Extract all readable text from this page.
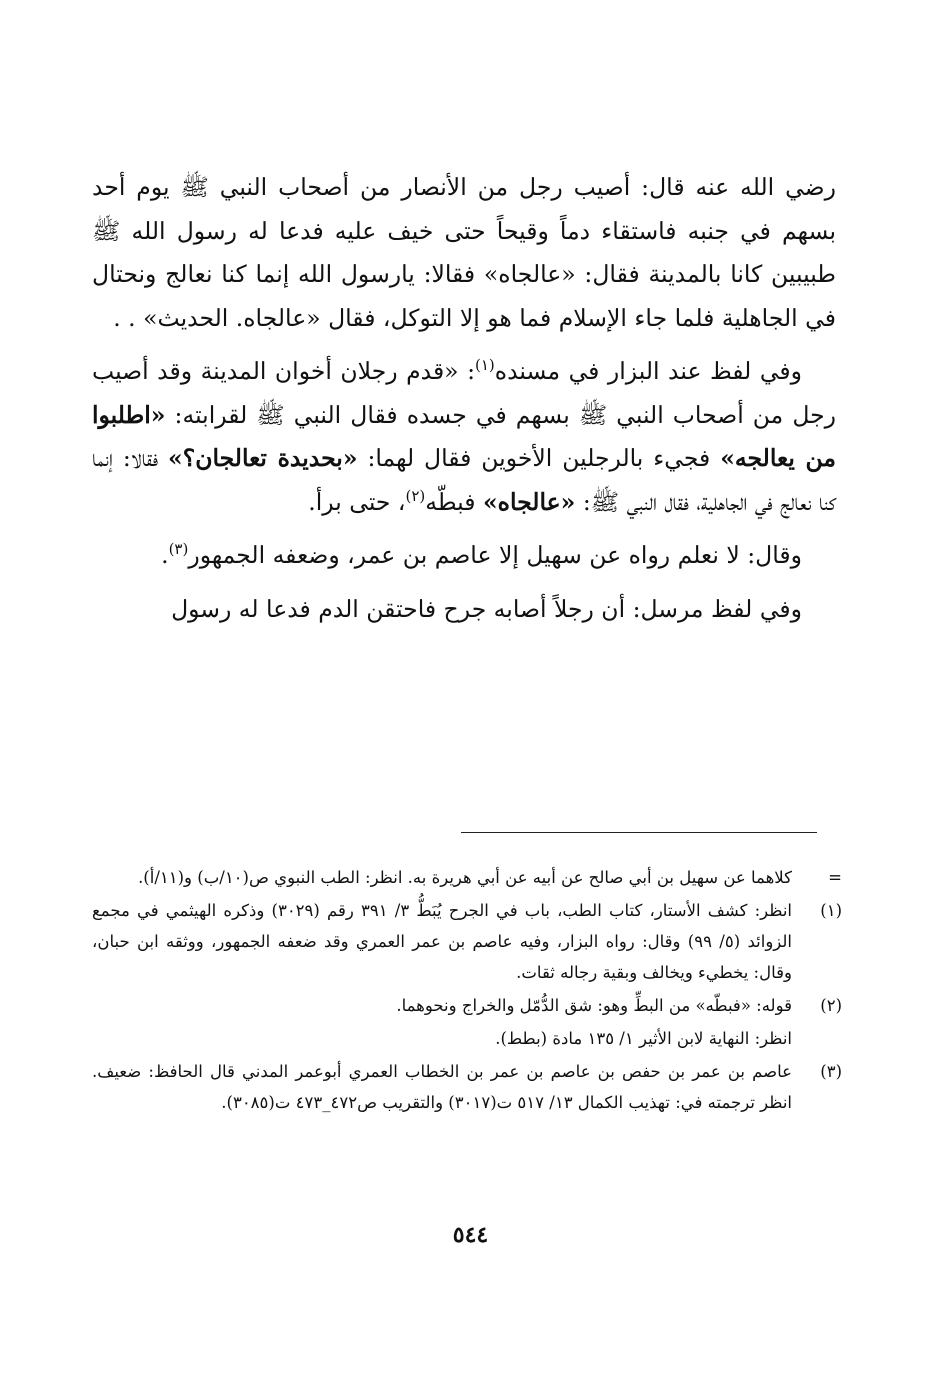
رضي الله عنه قال: أصيب رجل من الأنصار من أصحاب النبي ﷺ يوم أحد بسهم في جنبه فاستقاء دماً وقيحاً حتى خيف عليه فدعا له رسول الله ﷺ طبيبين كانا بالمدينة فقال: «عالجاه» فقالا: يارسول الله إنما كنا نعالج ونحتال في الجاهلية فلما جاء الإسلام فما هو إلا التوكل، فقال «عالجاه. الحديث» . .

وفي لفظ عند البزار في مسنده$^{(١)}$: «قدم رجلان أخوان المدينة وقد أصيب رجل من أصحاب النبي ﷺ بسهم في جسده فقال النبي ﷺ لقرابته: «اطلبوا من يعالجه» فجيء بالرجلين الأخوين فقال لهما: «بحديدة تعالجان؟» فقالا: إنما كنا نعالج في الجاهلية، فقال النبي ﷺ: «عالجاه» فبطّه$^{(٢)}$، حتى برأ.

وقال: لا نعلم رواه عن سهيل إلا عاصم بن عمر، وضعفه الجمهور$^{(٣)}$.

وفي لفظ مرسل: أن رجلاً أصابه جرح فاحتقن الدم فدعا له رسول

=
كلاهما عن سهيل بن أبي صالح عن أبيه عن أبي هريرة به. انظر: الطب النبوي ص(١٠/ب) و(١١/أ).
(١)
انظر: كشف الأستار، كتاب الطب، باب في الجرح يُبَطُّ ٣/ ٣٩١ رقم (٣٠٢٩) وذكره الهيثمي في مجمع الزوائد (٥/ ٩٩) وقال: رواه البزار، وفيه عاصم بن عمر العمري وقد ضعفه الجمهور، ووثقه ابن حبان، وقال: يخطيء ويخالف وبقية رجاله ثقات.
(٢)
قوله: «فبطّه» من البطِّ وهو: شق الدُّمّل والخراج ونحوهما.
انظر: النهاية لابن الأثير ١/ ١٣٥ مادة (بطط).
(٣)
عاصم بن عمر بن حفص بن عاصم بن عمر بن الخطاب العمري أبوعمر المدني قال الحافظ: ضعيف. انظر ترجمته في: تهذيب الكمال ١٣/ ٥١٧ ت(٣٠١٧) والتقريب ص٤٧٢_٤٧٣ ت(٣٠٨٥).
٥٤٤
